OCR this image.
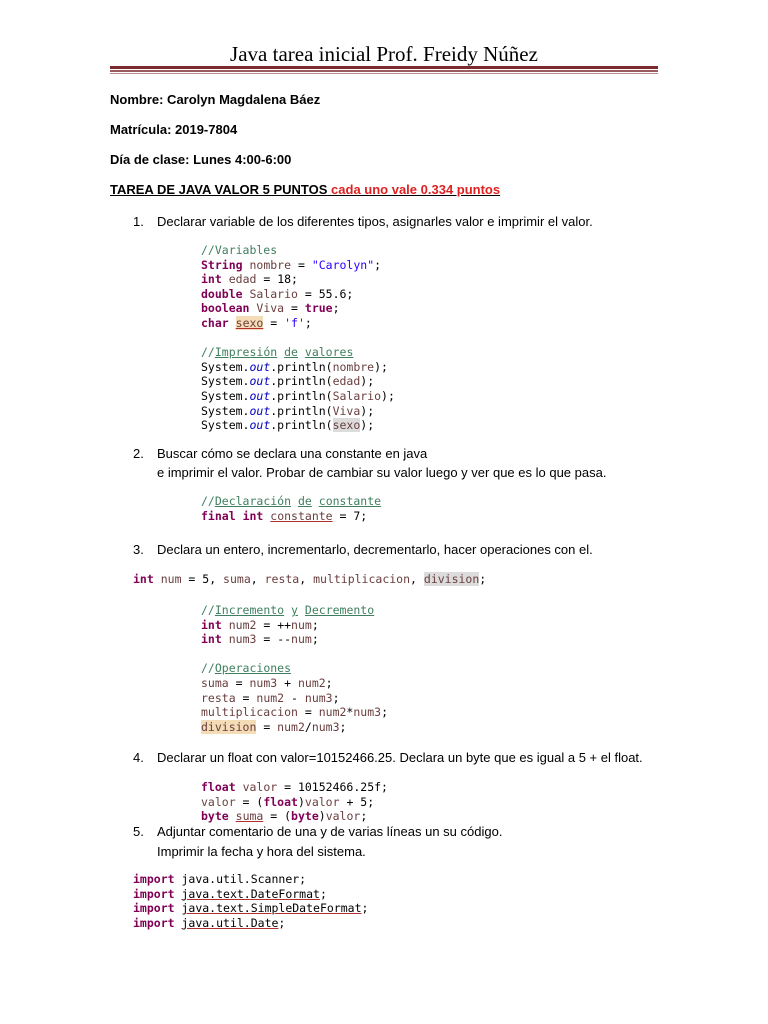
Java tarea inicial Prof. Freidy Núñez
Nombre: Carolyn Magdalena Báez
Matrícula: 2019-7804
Día de clase: Lunes 4:00-6:00
TAREA DE JAVA VALOR 5 PUNTOS cada uno vale 0.334 puntos
1.	Declarar variable de los diferentes tipos, asignarles valor e imprimir el valor.
//Variables
String nombre = "Carolyn";
int edad = 18;
double Salario = 55.6;
boolean Viva = true;
char sexo = 'f';

//Impresión de valores
System.out.println(nombre);
System.out.println(edad);
System.out.println(Salario);
System.out.println(Viva);
System.out.println(sexo);
2.	Buscar cómo se declara una constante en java
e imprimir el valor. Probar de cambiar su valor luego y ver que es lo que pasa.
//Declaración de constante
final int constante = 7;
3.	Declara un entero, incrementarlo, decrementarlo, hacer operaciones con el.
int num = 5, suma, resta, multiplicacion, division;
//Incremento y Decremento
int num2 = ++num;
int num3 = --num;

//Operaciones
suma = num3 + num2;
resta = num2 - num3;
multiplicacion = num2*num3;
division = num2/num3;
4.	Declarar un float con valor=10152466.25. Declara un byte que es igual a 5 + el float.
float valor = 10152466.25f;
valor = (float)valor + 5;
byte suma = (byte)valor;
5.	Adjuntar comentario de una y de varias líneas un su código.
Imprimir la fecha y hora del sistema.
import java.util.Scanner;
import java.text.DateFormat;
import java.text.SimpleDateFormat;
import java.util.Date;
